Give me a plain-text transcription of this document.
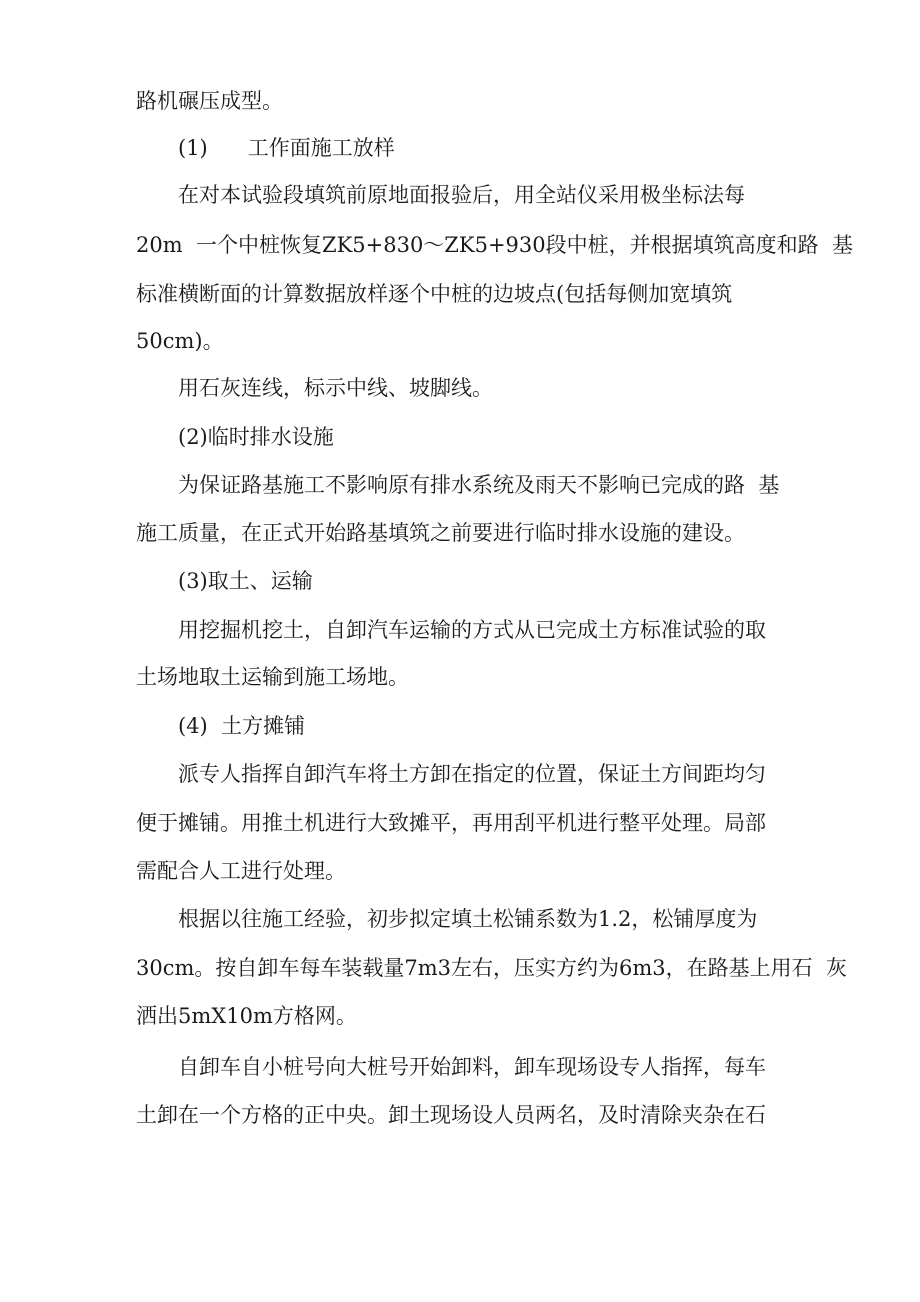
路机碾压成型。
(1)      工作面施工放样
在对本试验段填筑前原地面报验后，用全站仪采用极坐标法每
20m  一个中桩恢复ZK5+830～ZK5+930段中桩，并根据填筑高度和路  基
标准横断面的计算数据放样逐个中桩的边坡点(包括每侧加宽填筑
50cm)。
用石灰连线，标示中线、坡脚线。
(2)临时排水设施
为保证路基施工不影响原有排水系统及雨天不影响已完成的路  基
施工质量，在正式开始路基填筑之前要进行临时排水设施的建设。
(3)取土、运输
用挖掘机挖土，自卸汽车运输的方式从已完成土方标准试验的取
土场地取土运输到施工场地。
(4)  土方摊铺
派专人指挥自卸汽车将土方卸在指定的位置，保证土方间距均匀
便于摊铺。用推土机进行大致摊平，再用刮平机进行整平处理。局部
需配合人工进行处理。
根据以往施工经验，初步拟定填土松铺系数为1.2，松铺厚度为
30cm。按自卸车每车装载量7m3左右，压实方约为6m3，在路基上用石  灰
洒出5mX10m方格网。
自卸车自小桩号向大桩号开始卸料，卸车现场设专人指挥，每车
土卸在一个方格的正中央。卸土现场设人员两名，及时清除夹杂在石
